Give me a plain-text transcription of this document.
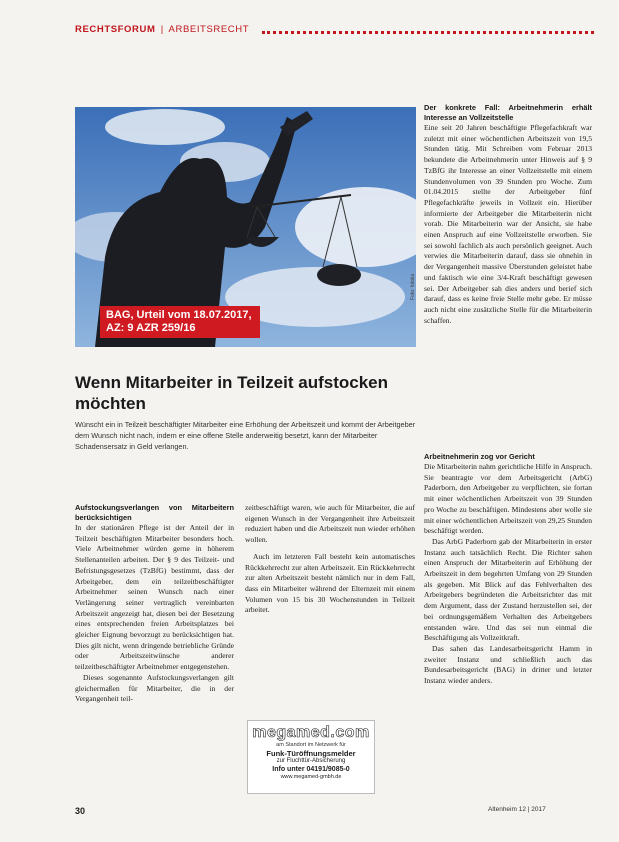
RECHTSFORUM | ARBEITSRECHT
BAG, Urteil vom 18.07.2017,
AZ: 9 AZR 259/16
Foto: fotolia
Wenn Mitarbeiter in Teilzeit aufstocken möchten
Wünscht ein in Teilzeit beschäftigter Mitarbeiter eine Erhöhung der Arbeitszeit und kommt der Arbeitgeber dem Wunsch nicht nach, indem er eine offene Stelle anderweitig besetzt, kann der Mitarbeiter Schadensersatz in Geld verlangen.
Aufstockungsverlangen von Mitarbeitern berücksichtigen

In der stationären Pflege ist der Anteil der in Teilzeit beschäftigten Mitarbeiter besonders hoch. Viele Arbeitnehmer würden gerne in höherem Stellenanteilen arbeiten. Der § 9 des Teilzeit- und Befristungsgesetzes (TzBfG) bestimmt, dass der Arbeitgeber, dem ein teilzeitbeschäftigter Arbeitnehmer seinen Wunsch nach einer Verlängerung seiner vertraglich vereinbarten Arbeitszeit angezeigt hat, diesen bei der Besetzung eines entsprechenden freien Arbeitsplatzes bei gleicher Eignung bevorzugt zu berücksichtigen hat. Dies gilt nicht, wenn dringende betriebliche Gründe oder Arbeitszeitwünsche anderer teilzeitbeschäftigter Arbeitnehmer entgegenstehen.

Dieses sogenannte Aufstockungsverlangen gilt gleichermaßen für Mitarbeiter, die in der Vergangenheit teil-

zeitbeschäftigt waren, wie auch für Mitarbeiter, die auf eigenen Wunsch in der Vergangenheit ihre Arbeitszeit reduziert haben und die Arbeitszeit nun wieder erhöhen wollen.

Auch im letzteren Fall besteht kein automatisches Rückkehrrecht zur alten Arbeitszeit. Ein Rückkehrrecht zur alten Arbeitszeit besteht nämlich nur in dem Fall, dass ein Mitarbeiter während der Elternzeit mit einem Volumen von 15 bis 30 Wochenstunden in Teilzeit arbeitet.

megamed.com
am Standort im Netzwerk für
Funk-Türöffnungsmelder
zur Fluchttür-Absicherung
Info unter 04191/9085-0
www.megamed-gmbh.de
Der konkrete Fall: Arbeitnehmerin erhält Interesse an Vollzeitstelle

Eine seit 20 Jahren beschäftigte Pflegefachkraft war zuletzt mit einer wöchentlichen Arbeitszeit von 19,5 Stunden tätig. Mit Schreiben vom Februar 2013 bekundete die Arbeitnehmerin unter Hinweis auf § 9 TzBfG ihr Interesse an einer Vollzeitstelle mit einem Stundenvolumen von 39 Stunden pro Woche. Zum 01.04.2015 stellte der Arbeitgeber fünf Pflegefachkräfte jeweils in Vollzeit ein. Hierüber informierte der Arbeitgeber die Mitarbeiterin nicht vorab. Die Mitarbeiterin war der Ansicht, sie habe einen Anspruch auf eine Vollzeitstelle erworben. Sie sei sowohl fachlich als auch persönlich geeignet. Auch verwies die Mitarbeiterin darauf, dass sie ohnehin in der Vergangenheit massive Überstunden geleistet habe und faktisch wie eine 3/4-Kraft beschäftigt gewesen sei. Der Arbeitgeber sah dies anders und berief sich darauf, dass es keine freie Stelle mehr gebe. Er müsse auch nicht eine zusätzliche Stelle für die Mitarbeiterin schaffen.

Arbeitnehmerin zog vor Gericht

Die Mitarbeiterin nahm gerichtliche Hilfe in Anspruch. Sie beantragte vor dem Arbeitsgericht (ArbG) Paderborn, den Arbeitgeber zu verpflichten, sie fortan mit einer wöchentlichen Arbeitszeit von 39 Stunden pro Woche zu beschäftigen. Mindestens aber wolle sie mit einer wöchentlichen Arbeitszeit von 29,25 Stunden beschäftigt werden.

Das ArbG Paderborn gab der Mitarbeiterin in erster Instanz auch tatsächlich Recht. Die Richter sahen einen Anspruch der Mitarbeiterin auf Erhöhung der Arbeitszeit in dem begehrten Umfang von 29 Stunden als gegeben. Mit Blick auf das Fehlverhalten des Arbeitgebers begründeten die Arbeitsrichter das mit dem Argument, dass der Zustand herzustellen sei, der bei ordnungsgemäßem Verhalten des Arbeitgebers entstanden wäre. Und das sei nun einmal die Beschäftigung als Vollzeitkraft.

Das sahen das Landesarbeitsgericht Hamm in zweiter Instanz und schließlich auch das Bundesarbeitsgericht (BAG) in dritter und letzter Instanz wieder anders.

30	Altenheim 12 | 2017
